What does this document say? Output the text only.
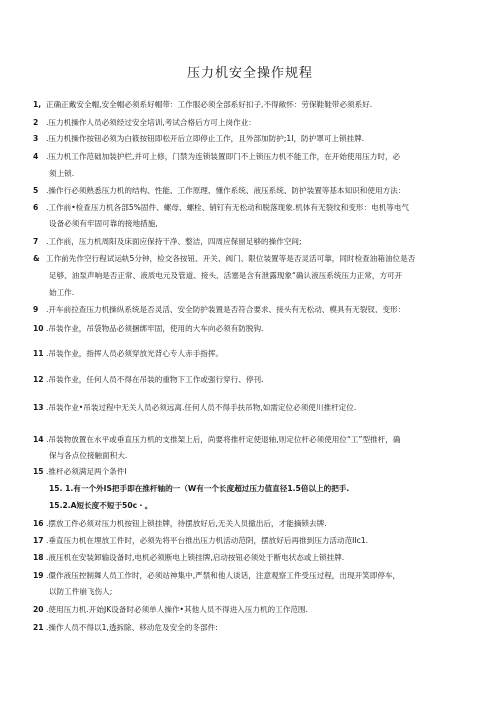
压力机安全操作规程
1, 正确正戴安全帽,安全帽必须系好帽带：工作服必须全部系好扣子,不得敞怀：劳保鞋鞋带必须系好.
2 .压力机操作人员必须经过安全培训,考试合格后方可上岗作业：
3 .压力机操作按钮必须为白筱按钮即松开后立即停止工作，且外部加防护;1I，防护罩可上锁挂牌.
4 .压力机工作范础加装护栏,并可上修，门禁为连锁装置即门不上锁压力机不能工作，在开始使用压力时，必
须上锁.
5 .操作行必须熟悉压力机的结构、性能、工作原理、懂作系统、液压系统、防护装置等基本知识和使用方法：
6 .工作前•检查压力机各部5%固件、螺母、螺栓、销钉有无松动和脱落现象.机体有无裂纹和变形：电机等电气
设备必须有牢固可靠的接地措施,
7 .工作前，压力机周阳及床面应保持干净、整洁，四周应保留足够的操作空间;
& 工作前先作空行程试运轨5分钟，检交各按钮、开关、阀门、限位装置等是否灵活可靠，同时检查油箱油位是否
足够、油泵声响是否正常、液质电元及管道、接头、活塞是含有泄露现象“确认液压系统压力正常，方可开
始工作.
9 .开车前拉查压力机操纵系统是否灵活、安全防护装置是否符合要求、接头有无松动、模具有无裂钗、变形：
10 .吊装作业，吊袋物品必须捆绑牢固，使用的大车向必须有防脱钩.
11 .吊装作业，指挥人员必须穿放光背心专人赤手指挥。
12 .吊装作业，任何人员不得在吊装的重物下工作或强行穿行、停刊.
13 .吊装作业•吊装过程中无关人员必须远离.任何人员不得手扶吊物,如需定位必须使川推杆定位.
14 .吊装物放置在水平或垂直压力机的支推架上后，尚要将推杆定使退轴,则定位杆必须使用位“工”型推杆，确
保与各点位接触面积大.
15 .推杆必须满足两个条件I
15. 1.有一个外IS把手即在推杆轴的一（W有一个长度超过压力值直径1.5倍以上的把手.
15.2.A短长度不短于50c・。
16 .摆放工件必须对压力机按钮上锁挂牌，待摆放好后,无关人员撤出后，才能摘锁去牌.
17 .垂直压力机在埋放工件时，必须先将平台推出压力机活动范阴，摆放好后再推到压力活动范IIc1.
18 .液压机在安装卸输设备时,电机必须断电上锁挂牌,启动按钮必须处于断电状态或上锁挂牌.
19 .儇作液压控制舞人员工作时，必须站神集中,严禁和他人谈话，注意观察工件受压过程，出现开笑即停车，
以防工件崩飞伤人;
20 .使用压力机.开始JK设备时必须单人操作•其他人员不得进入压力机的工作范围.
21 .操作人员不得以1,透拆除、移动危及安全的冬部件:
